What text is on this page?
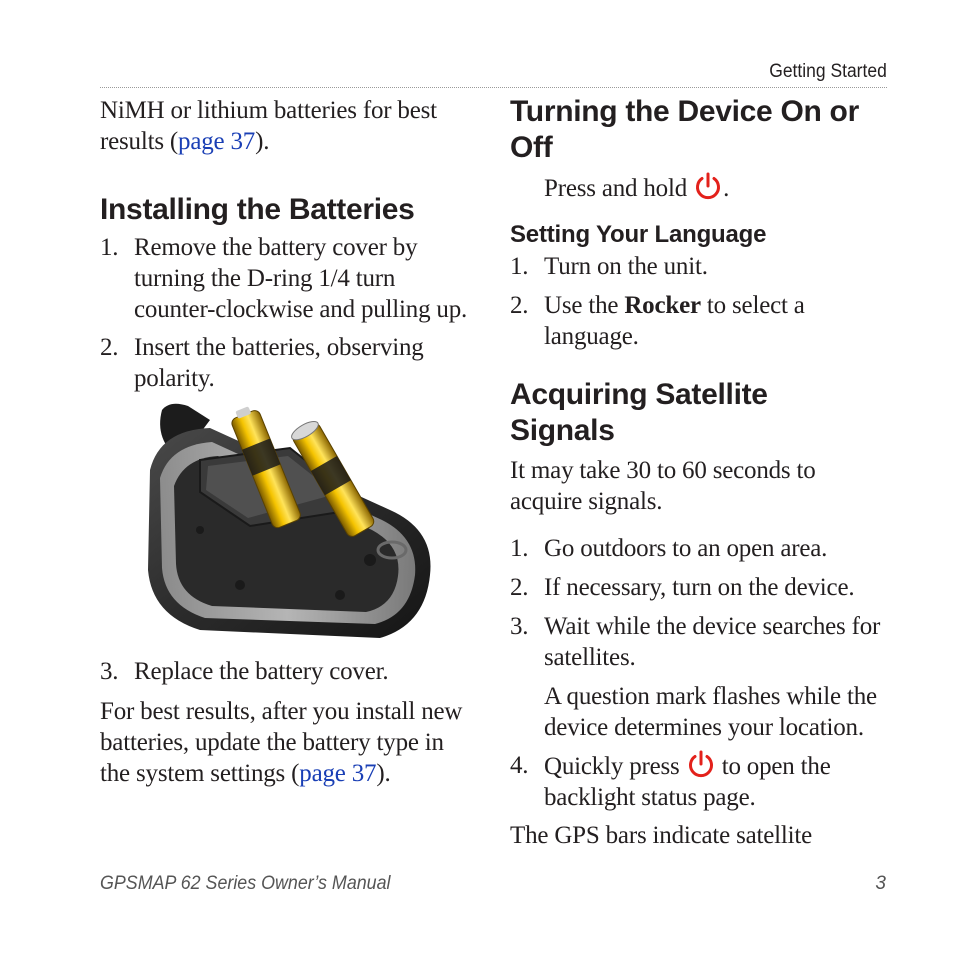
Getting Started

NiMH or lithium batteries for best results (page 37).

Installing the Batteries
1. Remove the battery cover by turning the D-ring 1/4 turn counter-clockwise and pulling up.
2. Insert the batteries, observing polarity.
3. Replace the battery cover.

For best results, after you install new batteries, update the battery type in the system settings (page 37).

Turning the Device On or Off

Press and hold .

Setting Your Language
1. Turn on the unit.
2. Use the Rocker to select a language.
Acquiring Satellite Signals

It may take 30 to 60 seconds to acquire signals.

1. Go outdoors to an open area.
2. If necessary, turn on the device.
3. Wait while the device searches for satellites.

A question mark flashes while the device determines your location.

4. Quickly press to open the backlight status page.

The GPS bars indicate satellite

GPSMAP 62 Series Owner’s Manual	3
